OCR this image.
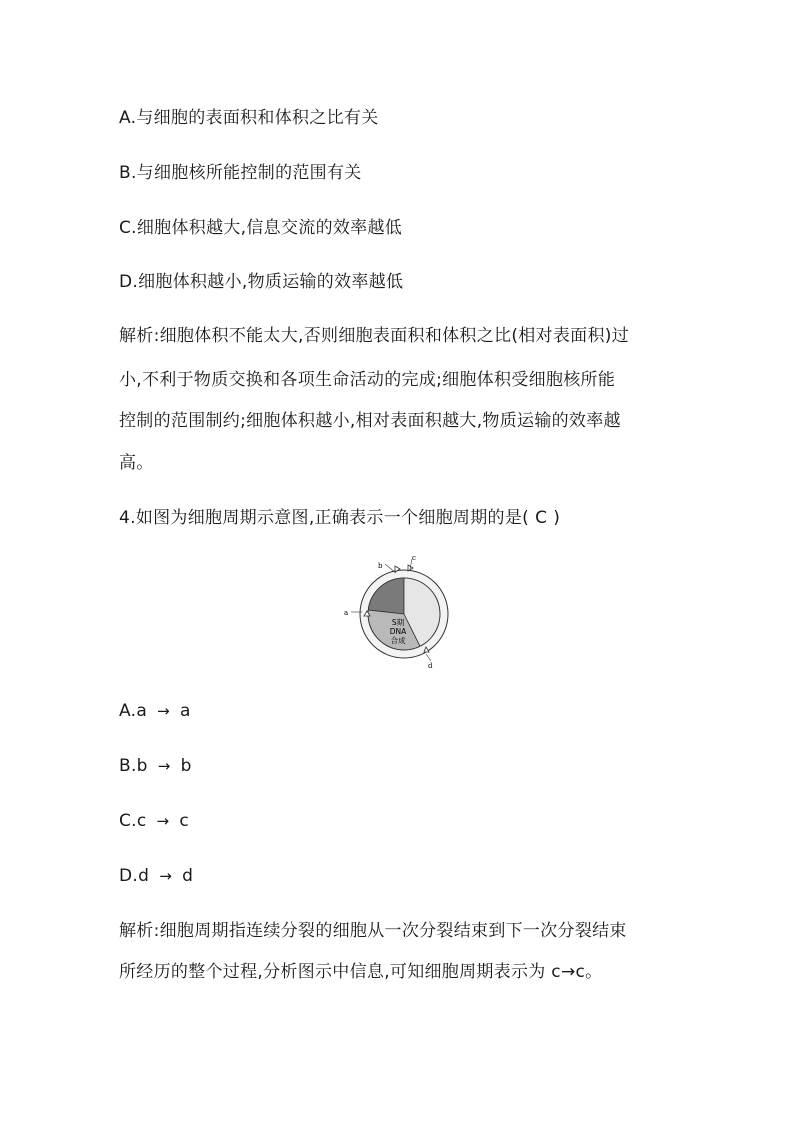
A.与细胞的表面积和体积之比有关
B.与细胞核所能控制的范围有关
C.细胞体积越大,信息交流的效率越低
D.细胞体积越小,物质运输的效率越低
解析:细胞体积不能太大,否则细胞表面积和体积之比(相对表面积)过
小,不利于物质交换和各项生命活动的完成;细胞体积受细胞核所能
控制的范围制约;细胞体积越小,相对表面积越大,物质运输的效率越
高。
4.如图为细胞周期示意图,正确表示一个细胞周期的是( C )
b
c
a
d
S期
DNA
合成
A.a → a
B.b → b
C.c → c
D.d → d
解析:细胞周期指连续分裂的细胞从一次分裂结束到下一次分裂结束
所经历的整个过程,分析图示中信息,可知细胞周期表示为 c→c。
